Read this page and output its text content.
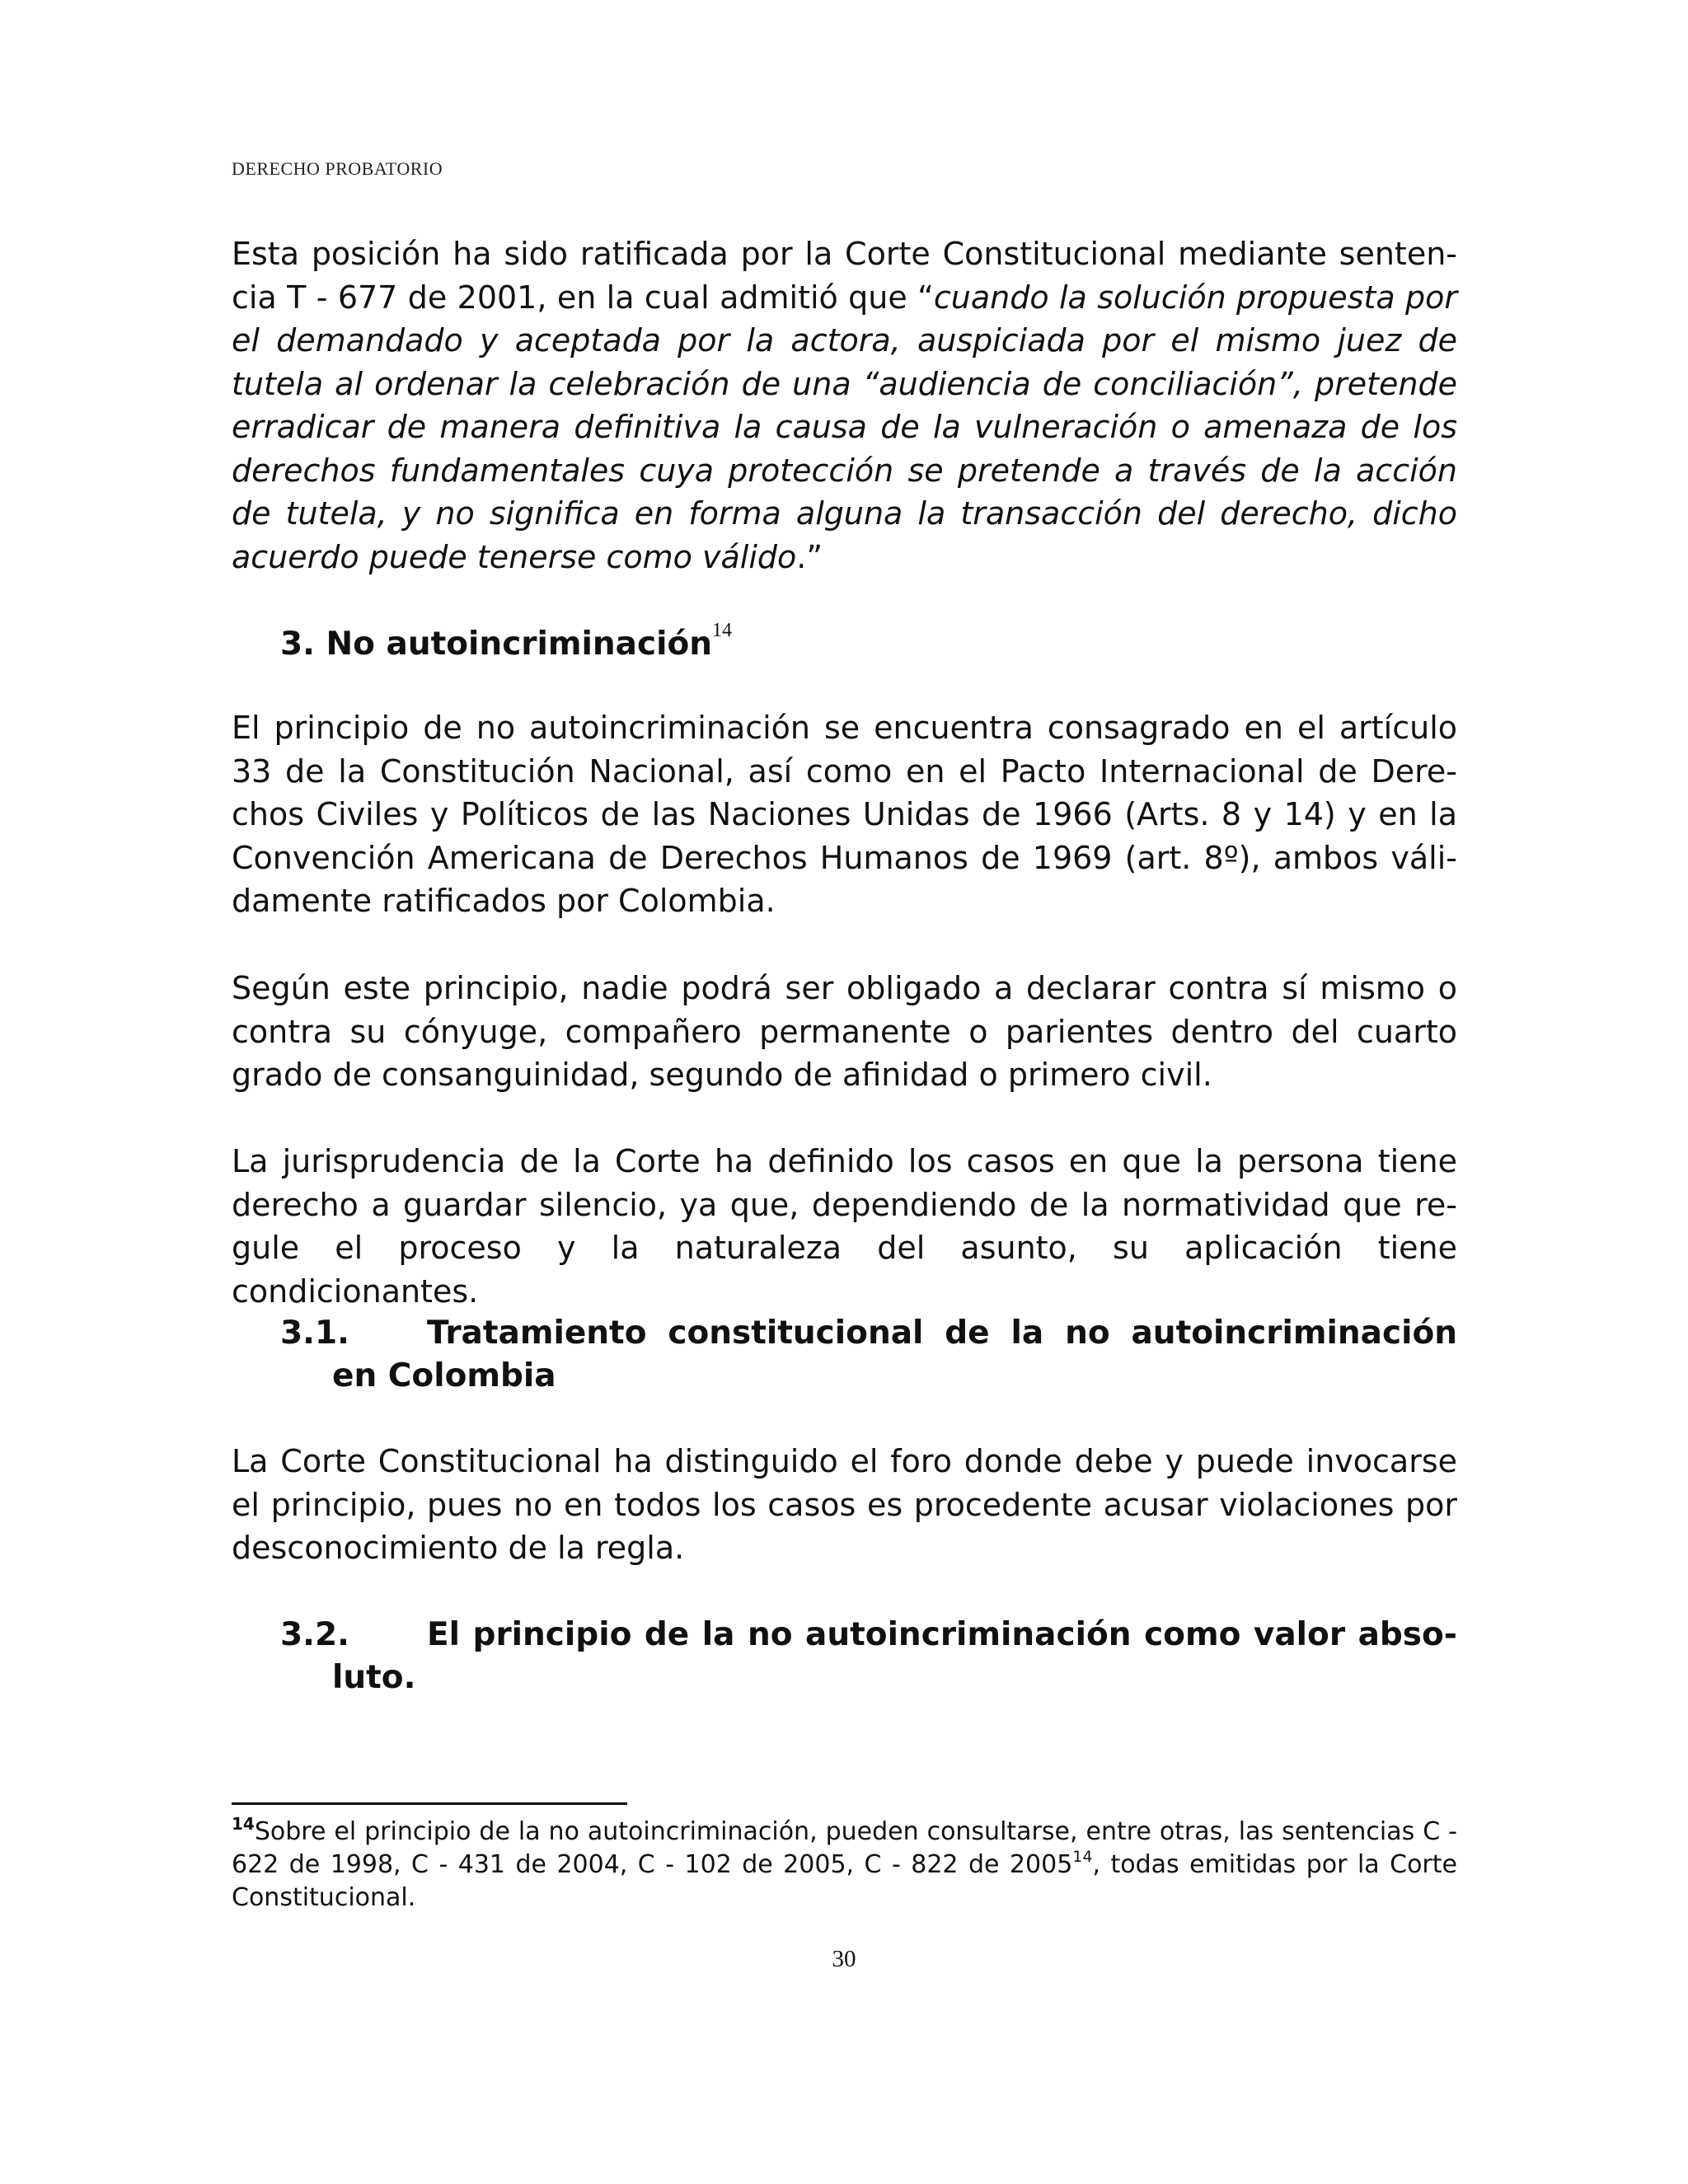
DERECHO PROBATORIO

Esta posición ha sido ratificada por la Corte Constitucional mediante senten-cia T - 677 de 2001, en la cual admitió que “cuando la solución propuesta por el demandado y aceptada por la actora, auspiciada por el mismo juez de tutela al ordenar la celebración de una “audiencia de conciliación”, pretende erradicar de manera definitiva la causa de la vulneración o amenaza de los derechos fundamentales cuya protección se pretende a través de la acción de tutela, y no significa en forma alguna la transacción del derecho, dicho acuerdo puede tenerse como válido.”

3. No autoincriminación$^{14}$

El principio de no autoincriminación se encuentra consagrado en el artículo 33 de la Constitución Nacional, así como en el Pacto Internacional de Dere-chos Civiles y Políticos de las Naciones Unidas de 1966 (Arts. 8 y 14) y en la Convención Americana de Derechos Humanos de 1969 (art. 8º), ambos váli-damente ratificados por Colombia.

Según este principio, nadie podrá ser obligado a declarar contra sí mismo o contra su cónyuge, compañero permanente o parientes dentro del cuarto grado de consanguinidad, segundo de afinidad o primero civil.

La jurisprudencia de la Corte ha definido los casos en que la persona tiene derecho a guardar silencio, ya que, dependiendo de la normatividad que re-gule el proceso y la naturaleza del asunto, su aplicación tiene condicionantes.

3.1.	Tratamiento constitucional de la no autoincriminación
en Colombia

La Corte Constitucional ha distinguido el foro donde debe y puede invocarse el principio, pues no en todos los casos es procedente acusar violaciones por desconocimiento de la regla.

3.2.	El principio de la no autoincriminación como valor abso-
luto.

$^{14}$Sobre el principio de la no autoincriminación, pueden consultarse, entre otras, las sentencias C - 622 de 1998, C - 431 de 2004, C - 102 de 2005, C - 822 de 2005$^{14}$, todas emitidas por la Corte Constitucional.

30
